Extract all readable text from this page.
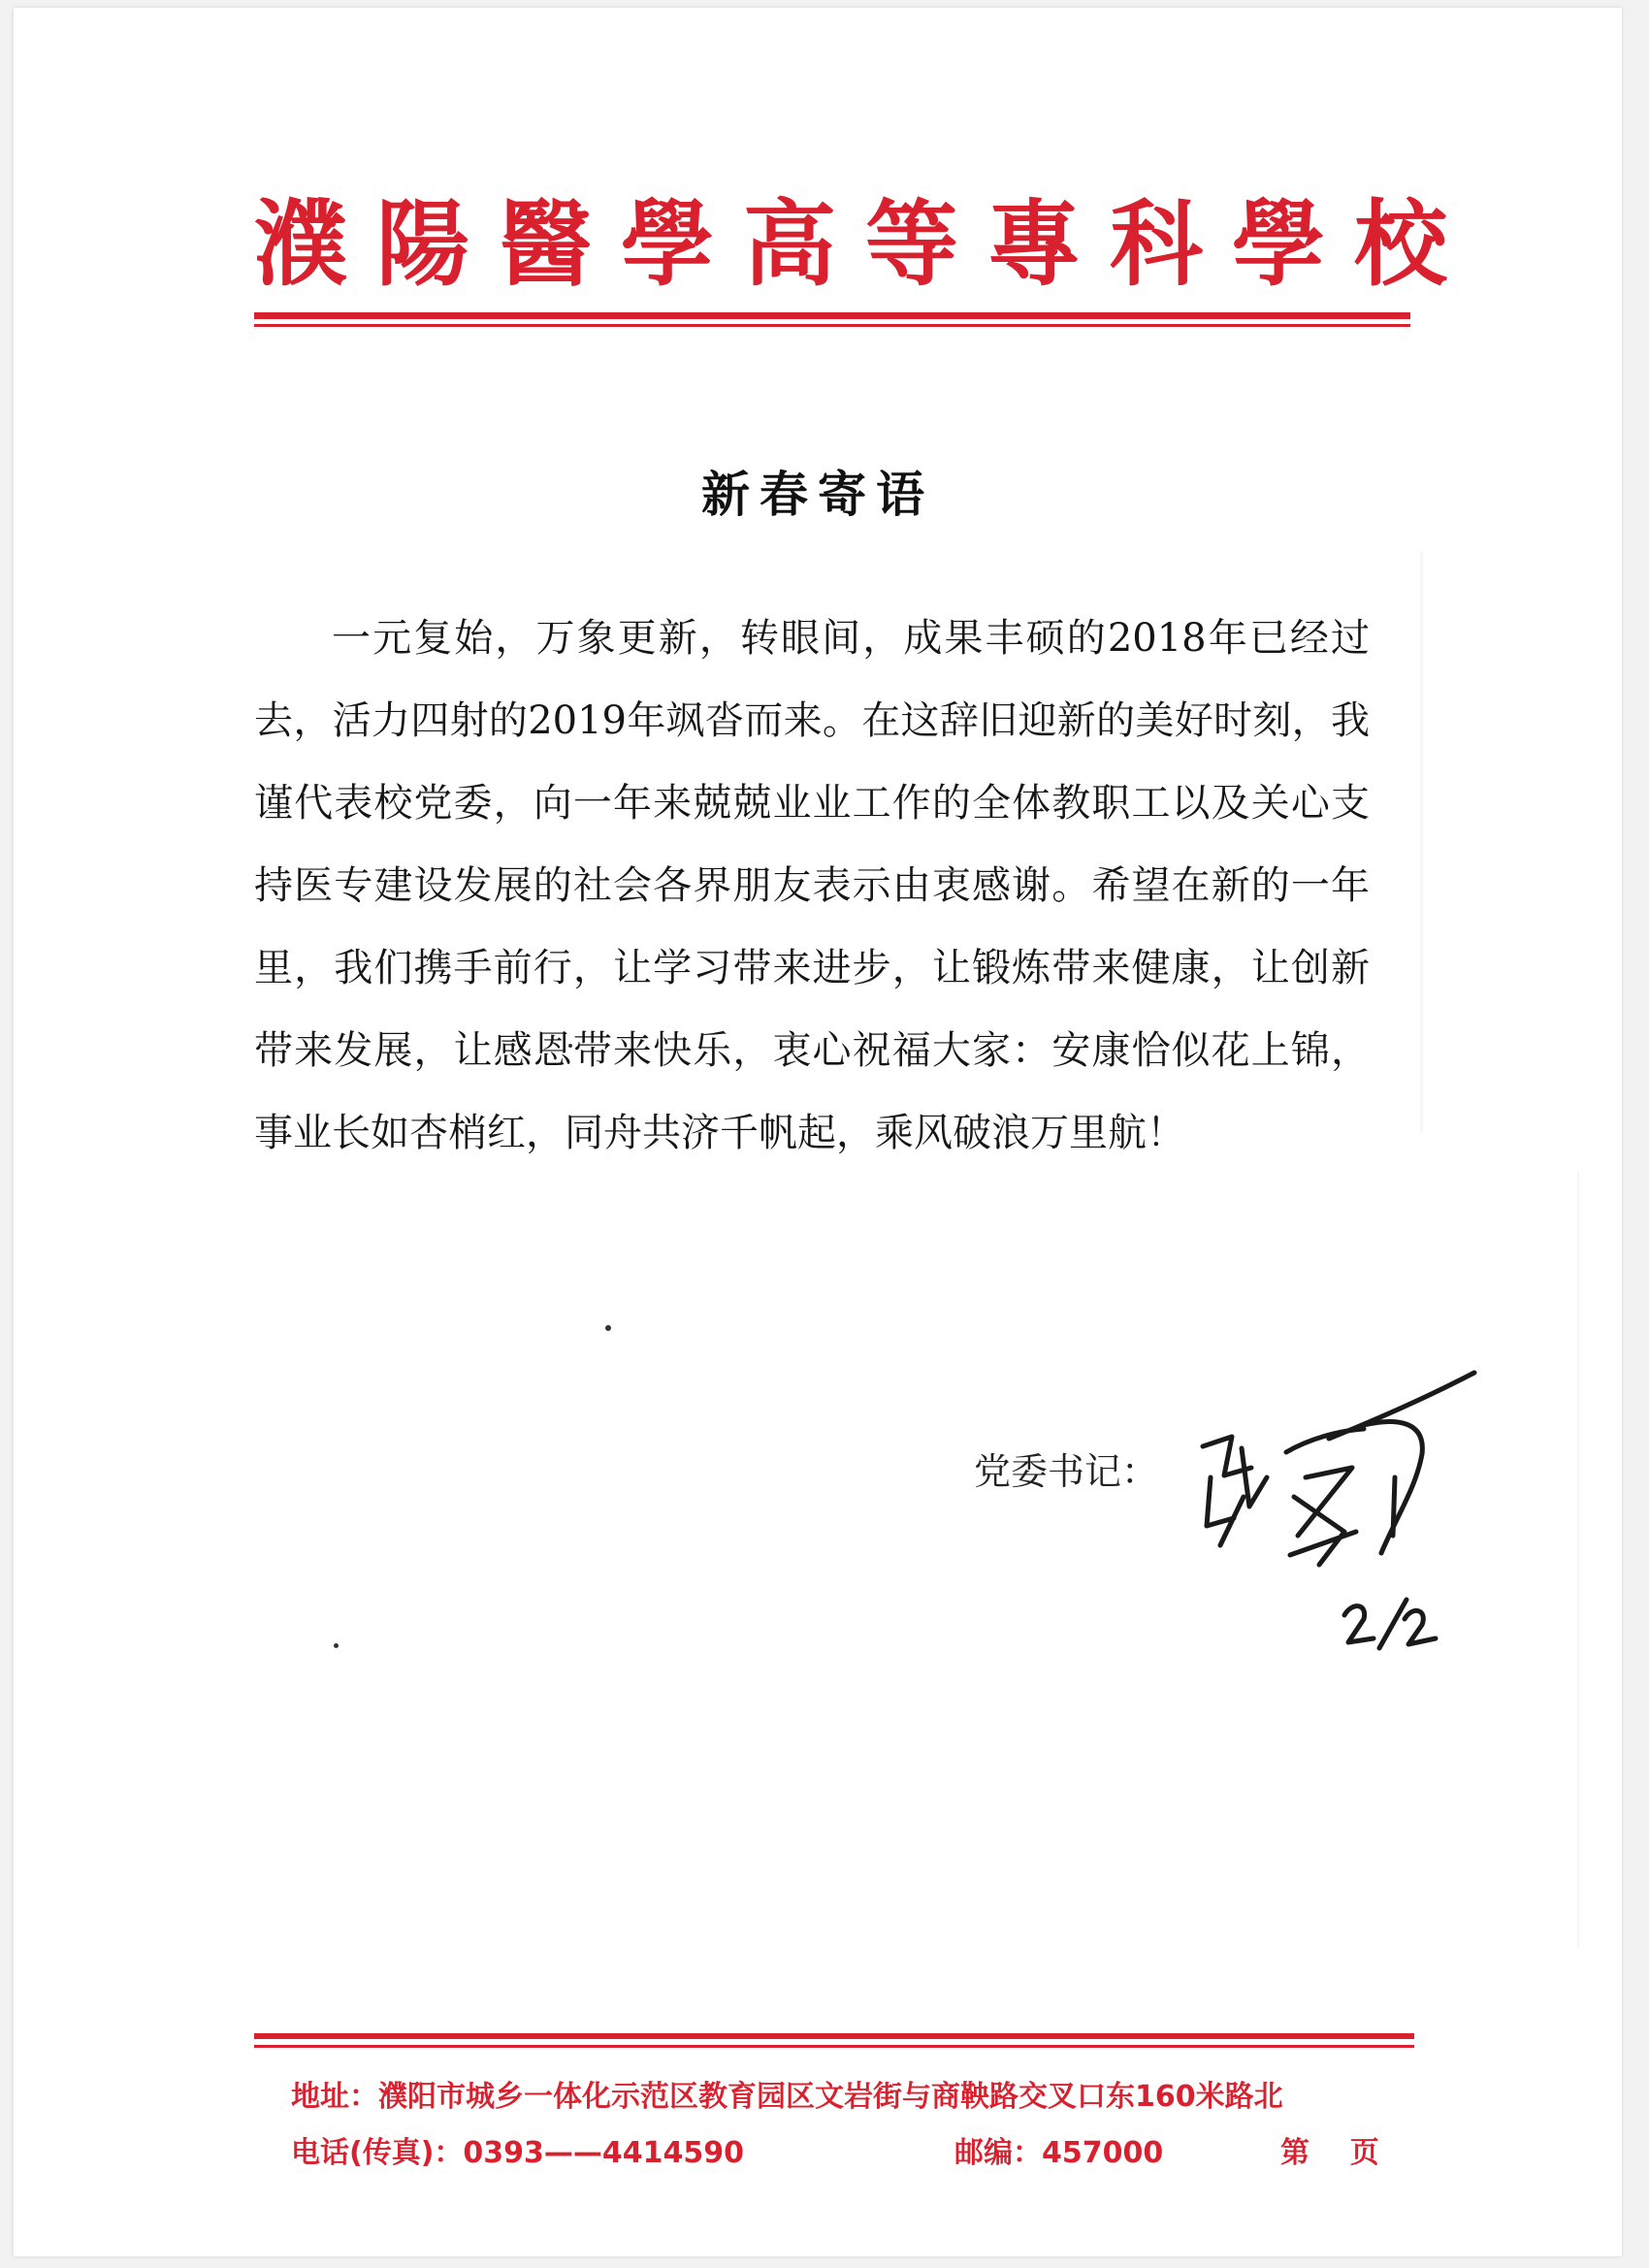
濮陽醫學高等專科學校
新春寄语

一元复始，万象更新，转眼间，成果丰硕的2018年已经过去，活力四射的2019年飒沓而来。在这辞旧迎新的美好时刻，我谨代表校党委，向一年来兢兢业业工作的全体教职工以及关心支持医专建设发展的社会各界朋友表示由衷感谢。希望在新的一年里，我们携手前行，让学习带来进步，让锻炼带来健康，让创新带来发展，让感恩带来快乐，衷心祝福大家：安康恰似花上锦，事业长如杏梢红，同舟共济千帆起，乘风破浪万里航！

党委书记：
地址：濮阳市城乡一体化示范区教育园区文岩街与商鞅路交叉口东160米路北
电话(传真)：0393——4414590	邮编：457000	第    页
